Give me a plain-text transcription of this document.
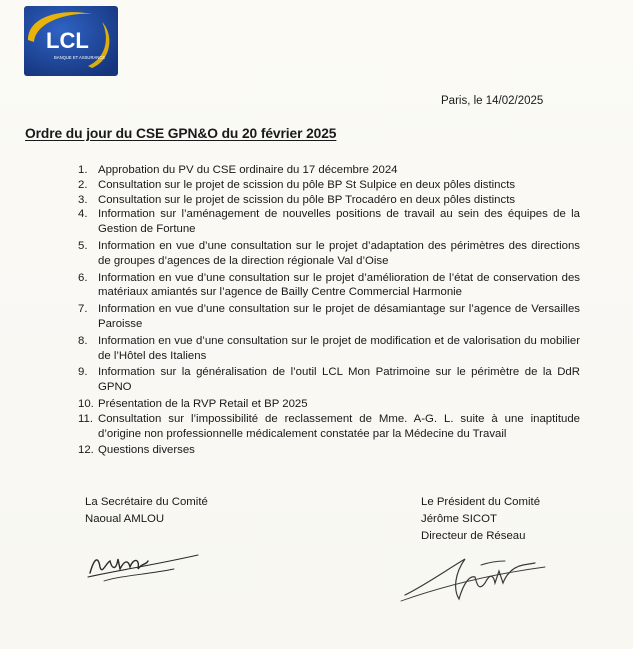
LCL
BANQUE ET ASSURANCE
Paris, le 14/02/2025
Ordre du jour du CSE GPN&O du 20 février 2025
1. Approbation du PV du CSE ordinaire du 17 décembre 2024
2. Consultation sur le projet de scission du pôle BP St Sulpice en deux pôles distincts
3. Consultation sur le projet de scission du pôle BP Trocadéro en deux pôles distincts
4. Information sur l’aménagement de nouvelles positions de travail au sein des équipes de la Gestion de Fortune
5. Information en vue d’une consultation sur le projet d’adaptation des périmètres des directions de groupes d’agences de la direction régionale Val d’Oise
6. Information en vue d’une consultation sur le projet d’amélioration de l’état de conservation des matériaux amiantés sur l’agence de Bailly Centre Commercial Harmonie
7. Information en vue d’une consultation sur le projet de désamiantage sur l’agence de Versailles Paroisse
8. Information en vue d’une consultation sur le projet de modification et de valorisation du mobilier de l’Hôtel des Italiens
9. Information sur la généralisation de l’outil LCL Mon Patrimoine sur le périmètre de la DdR GPNO
10. Présentation de la RVP Retail et BP 2025
11. Consultation sur l’impossibilité de reclassement de Mme. A-G. L. suite à une inaptitude d’origine non professionnelle médicalement constatée par la Médecine du Travail
12. Questions diverses
La Secrétaire du Comité
Naoual AMLOU
Le Président du Comité
Jérôme SICOT
Directeur de Réseau
